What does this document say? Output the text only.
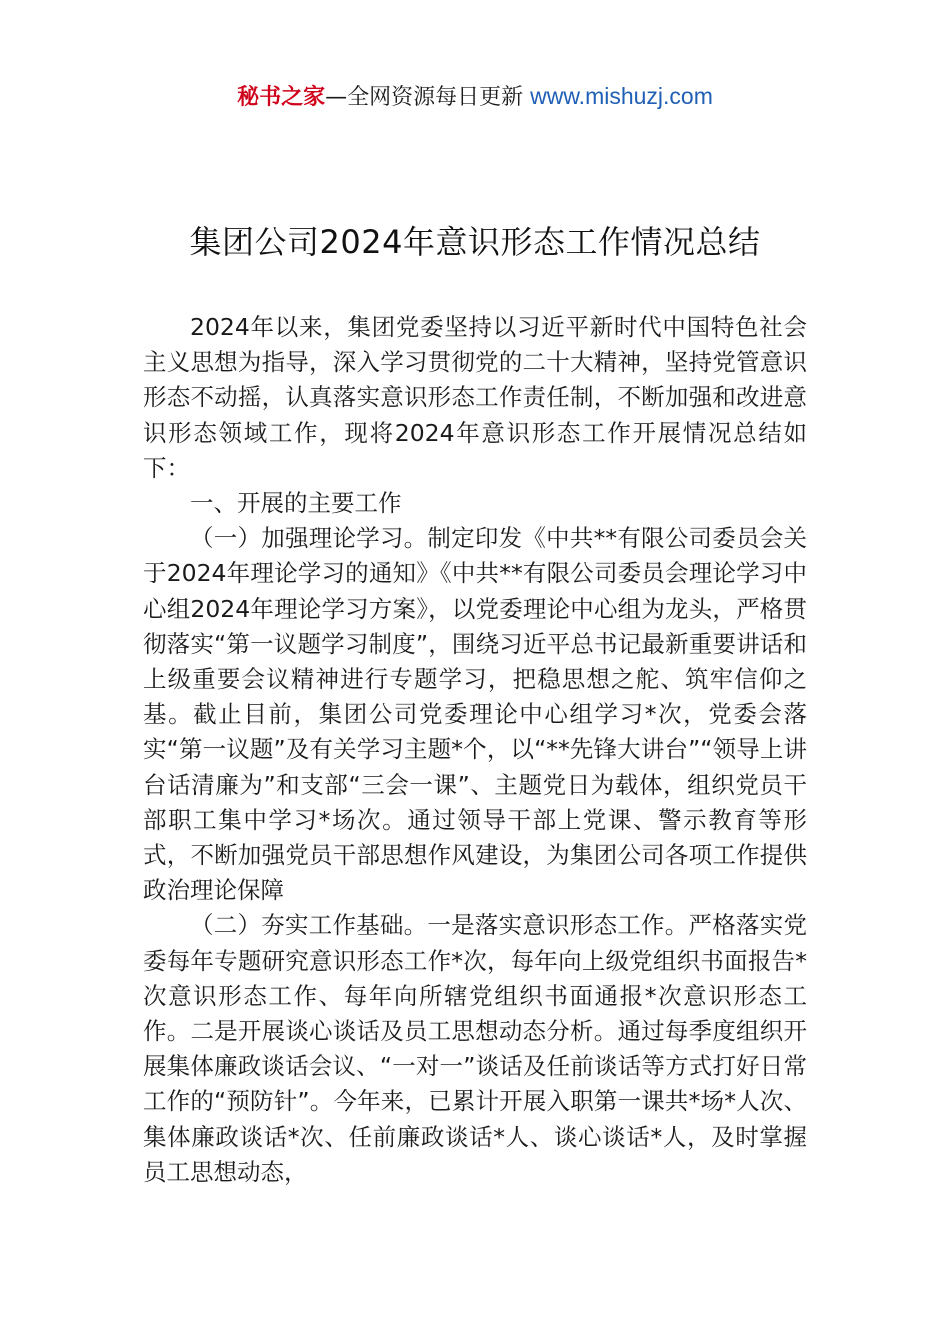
秘书之家—全网资源每日更新 www.mishuzj.com
集团公司2024年意识形态工作情况总结

2024年以来，集团党委坚持以习近平新时代中国特色社会主义思想为指导，深入学习贯彻党的二十大精神，坚持党管意识形态不动摇，认真落实意识形态工作责任制，不断加强和改进意识形态领域工作，现将2024年意识形态工作开展情况总结如下：

一、开展的主要工作

（一）加强理论学习。制定印发《中共**有限公司委员会关于2024年理论学习的通知》《中共**有限公司委员会理论学习中心组2024年理论学习方案》，以党委理论中心组为龙头，严格贯彻落实“第一议题学习制度”，围绕习近平总书记最新重要讲话和上级重要会议精神进行专题学习，把稳思想之舵、筑牢信仰之基。截止目前，集团公司党委理论中心组学习*次，党委会落实“第一议题”及有关学习主题*个，以“**先锋大讲台”“领导上讲台话清廉为”和支部“三会一课”、主题党日为载体，组织党员干部职工集中学习*场次。通过领导干部上党课、警示教育等形式，不断加强党员干部思想作风建设，为集团公司各项工作提供政治理论保障

（二）夯实工作基础。一是落实意识形态工作。严格落实党委每年专题研究意识形态工作*次，每年向上级党组织书面报告*次意识形态工作、每年向所辖党组织书面通报*次意识形态工作。二是开展谈心谈话及员工思想动态分析。通过每季度组织开展集体廉政谈话会议、“一对一”谈话及任前谈话等方式打好日常工作的“预防针”。今年来，已累计开展入职第一课共*场*人次、集体廉政谈话*次、任前廉政谈话*人、谈心谈话*人，及时掌握员工思想动态，
